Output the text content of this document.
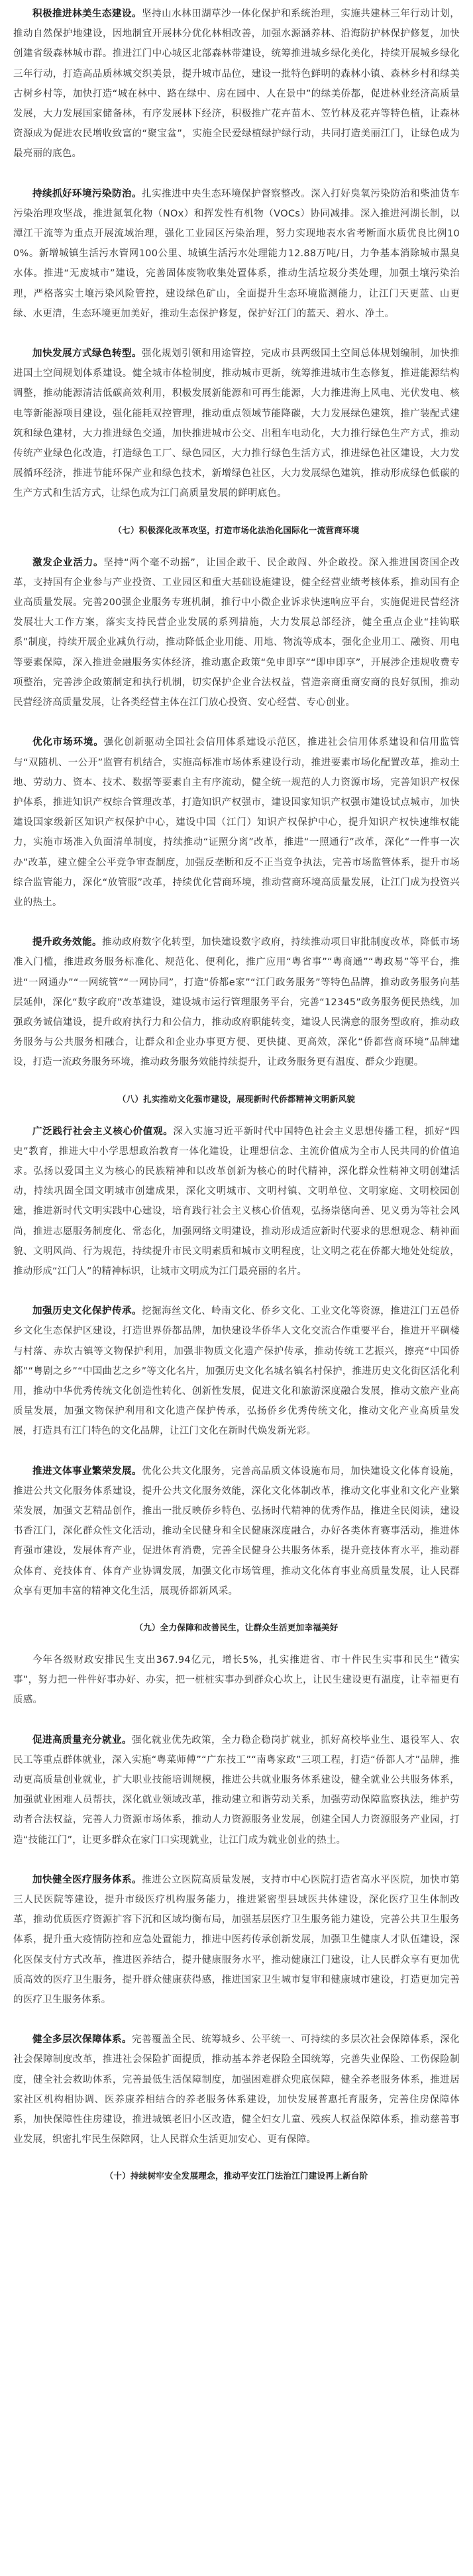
积极推进林美生态建设。坚持山水林田湖草沙一体化保护和系统治理，实施共建林三年行动计划，推动自然保护地建设，因地制宜开展林分优化林相改善，加强水源涵养林、沿海防护林保护修复，加快创建省级森林城市群。推进江门中心城区北部森林带建设，统筹推进城乡绿化美化，持续开展城乡绿化三年行动，打造高品质林城交织美景，提升城市品位，建设一批特色鲜明的森林小镇、森林乡村和绿美古树乡村等，加快打造“城在林中、路在绿中、房在园中、人在景中”的绿美侨都，促进林业经济高质量发展，大力发展国家储备林，有序发展林下经济，积极推广花卉苗木、笠竹林及花卉等特色植，让森林资源成为促进农民增收致富的“聚宝盆”，实施全民爱绿植绿护绿行动，共同打造美丽江门，让绿色成为最亮丽的底色。

持续抓好环境污染防治。扎实推进中央生态环境保护督察整改。深入打好臭氧污染防治和柴油货车污染治理攻坚战，推进氮氧化物（NOx）和挥发性有机物（VOCs）协同减排。深入推进河湖长制，以潭江干流等为重点开展流域治理，强化工业园区污染治理，努力实现地表水省考断面水质优良比例100%。新增城镇生活污水管网100公里、城镇生活污水处理能力12.88万吨/日，力争基本消除城市黑臭水体。推进“无废城市”建设，完善固体废物收集处置体系，推动生活垃圾分类处理，加强土壤污染治理，严格落实土壤污染风险管控，建设绿色矿山，全面提升生态环境监测能力，让江门天更蓝、山更绿、水更清，生态环境更加美好，推动生态保护修复，保护好江门的蓝天、碧水、净土。

加快发展方式绿色转型。强化规划引领和用途管控，完成市县两级国土空间总体规划编制，加快推进国土空间规划体系建设。健全城市体检制度，推动城市更新，统筹推进城市生态修复，推进能源结构调整，推动能源清洁低碳高效利用，积极发展新能源和可再生能源，大力推进海上风电、光伏发电、核电等新能源项目建设，强化能耗双控管理，推动重点领域节能降碳，大力发展绿色建筑，推广装配式建筑和绿色建材，大力推进绿色交通，加快推进城市公交、出租车电动化，大力推行绿色生产方式，推动传统产业绿色化改造，打造绿色工厂、绿色园区，大力推行绿色生活方式，推进绿色社区建设，大力发展循环经济，推进节能环保产业和绿色技术，新增绿色社区，大力发展绿色建筑，推动形成绿色低碳的生产方式和生活方式，让绿色成为江门高质量发展的鲜明底色。

（七）积极深化改革攻坚，打造市场化法治化国际化一流营商环境

激发企业活力。坚持“两个毫不动摇”，让国企敢干、民企敢闯、外企敢投。深入推进国资国企改革，支持国有企业参与产业投资、工业园区和重大基础设施建设，健全经营业绩考核体系，推动国有企业高质量发展。完善200强企业服务专班机制，推行中小微企业诉求快速响应平台，实施促进民营经济发展壮大工作方案，落实支持民营企业发展的系列措施，大力发展总部经济，健全重点企业“挂钩联系”制度，持续开展企业减负行动，推动降低企业用能、用地、物流等成本，强化企业用工、融资、用电等要素保障，深入推进金融服务实体经济，推动惠企政策“免申即享”“即申即享”，开展涉企违规收费专项整治，完善涉企政策制定和执行机制，切实保护企业合法权益，营造亲商重商安商的良好氛围，推动民营经济高质量发展，让各类经营主体在江门放心投资、安心经营、专心创业。

优化市场环境。强化创新驱动全国社会信用体系建设示范区，推进社会信用体系建设和信用监管与“双随机、一公开”监管有机结合，实施高标准市场体系建设行动，推进要素市场化配置改革，推动土地、劳动力、资本、技术、数据等要素自主有序流动，健全统一规范的人力资源市场，完善知识产权保护体系，推进知识产权综合管理改革，打造知识产权强市，建设国家知识产权强市建设试点城市，加快建设国家级新区知识产权保护中心，建设中国（江门）知识产权保护中心，提升知识产权快速维权能力，实施市场准入负面清单制度，持续推动“证照分离”改革，推进“一照通行”改革，深化“一件事一次办”改革，建立健全公平竞争审查制度，加强反垄断和反不正当竞争执法，完善市场监管体系，提升市场综合监管能力，深化“放管服”改革，持续优化营商环境，推动营商环境高质量发展，让江门成为投资兴业的热土。

提升政务效能。推动政府数字化转型，加快建设数字政府，持续推动项目审批制度改革，降低市场准入门槛，推进政务服务标准化、规范化、便利化，推广应用“粤省事”“粤商通”“粤政易”等平台，推进“一网通办”“一网统管”“一网协同”，打造“侨都e家”“江门政务服务”等特色品牌，推动政务服务向基层延伸，深化“数字政府”改革建设，建设城市运行管理服务平台，完善“12345”政务服务便民热线，加强政务诚信建设，提升政府执行力和公信力，推动政府职能转变，建设人民满意的服务型政府，推动政务服务与公共服务相融合，让群众和企业办事更方便、更快捷、更高效，深化“侨都营商环境”品牌建设，打造一流政务服务环境，推动政务服务效能持续提升，让政务服务更有温度、群众少跑腿。

（八）扎实推动文化强市建设，展现新时代侨都精神文明新风貌

广泛践行社会主义核心价值观。深入实施习近平新时代中国特色社会主义思想传播工程，抓好“四史”教育，推进大中小学思想政治教育一体化建设，让理想信念、主流价值成为全市人民共同的价值追求。弘扬以爱国主义为核心的民族精神和以改革创新为核心的时代精神，深化群众性精神文明创建活动，持续巩固全国文明城市创建成果，深化文明城市、文明村镇、文明单位、文明家庭、文明校园创建，推进新时代文明实践中心建设，培育践行社会主义核心价值观，弘扬崇德向善、见义勇为等社会风尚，推进志愿服务制度化、常态化，加强网络文明建设，推动形成适应新时代要求的思想观念、精神面貌、文明风尚、行为规范，持续提升市民文明素质和城市文明程度，让文明之花在侨都大地处处绽放，推动形成“江门人”的精神标识，让城市文明成为江门最亮丽的名片。

加强历史文化保护传承。挖掘海丝文化、岭南文化、侨乡文化、工业文化等资源，推进江门五邑侨乡文化生态保护区建设，打造世界侨都品牌，加快建设华侨华人文化交流合作重要平台，推进开平碉楼与村落、赤坎古镇等文物保护利用，加强非物质文化遗产保护传承，推动传统工艺振兴，擦亮“中国侨都”“粤剧之乡”“中国曲艺之乡”等文化名片，加强历史文化名城名镇名村保护，推进历史文化街区活化利用，推动中华优秀传统文化创造性转化、创新性发展，促进文化和旅游深度融合发展，推动文旅产业高质量发展，加强文物保护利用和文化遗产保护传承，弘扬侨乡优秀传统文化，推动文化产业高质量发展，打造具有江门特色的文化品牌，让江门文化在新时代焕发新光彩。

推进文体事业繁荣发展。优化公共文化服务，完善高品质文体设施布局，加快建设文化体育设施，推进公共文化服务体系建设，提升公共文化服务效能，深化文化体制改革，推动文化事业和文化产业繁荣发展，加强文艺精品创作，推出一批反映侨乡特色、弘扬时代精神的优秀作品，推进全民阅读，建设书香江门，深化群众性文化活动，推动全民健身和全民健康深度融合，办好各类体育赛事活动，推进体育强市建设，发展体育产业，促进体育消费，完善全民健身公共服务体系，提升竞技体育水平，推动群众体育、竞技体育、体育产业协调发展，加强文化市场管理，推动文化体育事业高质量发展，让人民群众享有更加丰富的精神文化生活，展现侨都新风采。

（九）全力保障和改善民生，让群众生活更加幸福美好

今年各级财政安排民生支出367.94亿元，增长5%，扎实推进省、市十件民生实事和民生“微实事”，努力把一件件好事办好、办实，把一桩桩实事办到群众心坎上，让民生建设更有温度，让幸福更有质感。

促进高质量充分就业。强化就业优先政策，全力稳企稳岗扩就业，抓好高校毕业生、退役军人、农民工等重点群体就业，深入实施“粤菜师傅”“广东技工”“南粤家政”三项工程，打造“侨都人才”品牌，推动更高质量创业就业，扩大职业技能培训规模，推进公共就业服务体系建设，健全就业公共服务体系，加强就业困难人员帮扶，深化就业领域改革，推动建立和谐劳动关系，加强劳动保障监察执法，维护劳动者合法权益，完善人力资源市场体系，推动人力资源服务业发展，创建全国人力资源服务产业园，打造“技能江门”，让更多群众在家门口实现就业，让江门成为就业创业的热土。

加快健全医疗服务体系。推进公立医院高质量发展，支持市中心医院打造省高水平医院，加快市第三人民医院等建设，提升市级医疗机构服务能力，推进紧密型县域医共体建设，深化医疗卫生体制改革，推动优质医疗资源扩容下沉和区域均衡布局，加强基层医疗卫生服务能力建设，完善公共卫生服务体系，提升重大疫情防控和应急处置能力，推进中医药传承创新发展，加强卫生健康人才队伍建设，深化医保支付方式改革，推进医养结合，提升健康服务水平，推动健康江门建设，让人民群众享有更加优质高效的医疗卫生服务，提升群众健康获得感，推进国家卫生城市复审和健康城市建设，打造更加完善的医疗卫生服务体系。

健全多层次保障体系。完善覆盖全民、统筹城乡、公平统一、可持续的多层次社会保障体系，深化社会保障制度改革，推进社会保险扩面提质，推动基本养老保险全国统筹，完善失业保险、工伤保险制度，健全社会救助体系，完善最低生活保障制度，加强困难群众兜底保障，健全养老服务体系，推进居家社区机构相协调、医养康养相结合的养老服务体系建设，加快发展普惠托育服务，完善住房保障体系，加快保障性住房建设，推进城镇老旧小区改造，健全妇女儿童、残疾人权益保障体系，推动慈善事业发展，织密扎牢民生保障网，让人民群众生活更加安心、更有保障。

（十）持续树牢安全发展理念，推动平安江门法治江门建设再上新台阶
